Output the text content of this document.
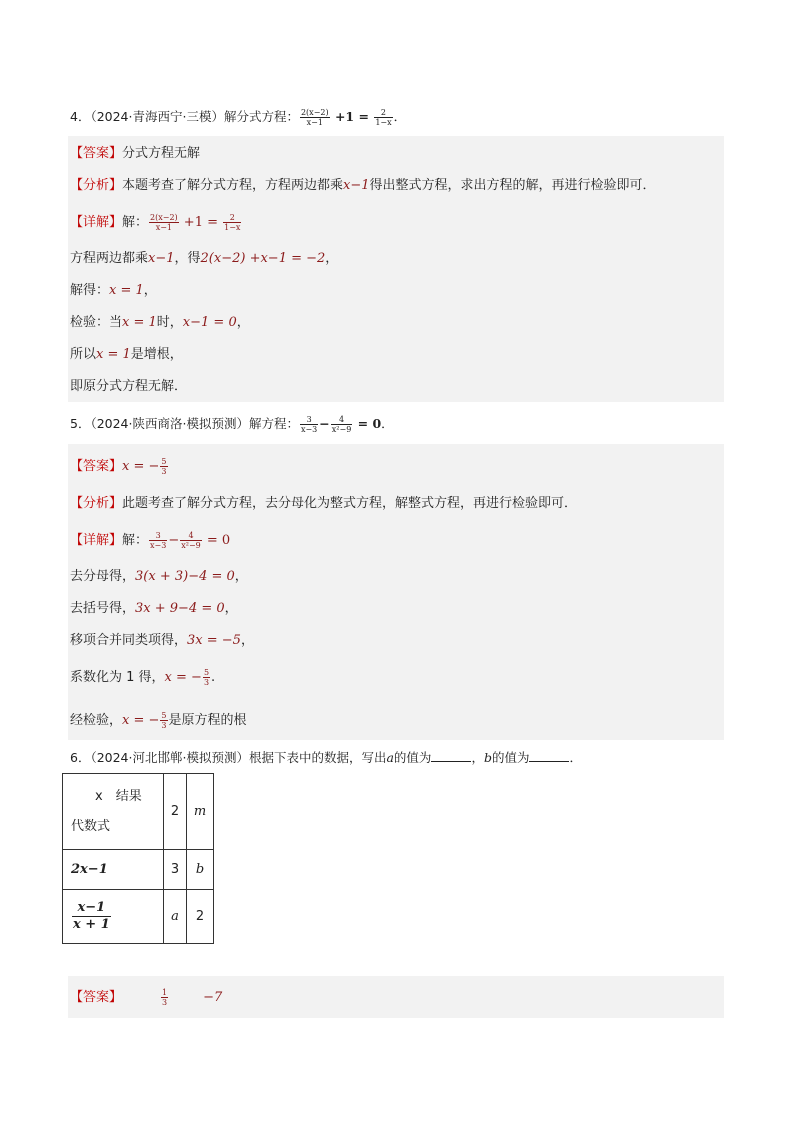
4．（2024·青海西宁·三模）解分式方程： $\frac{2(x-2)}{x-1} +1 = \frac{2}{1-x}$ ．
【答案】分式方程无解
【分析】本题考查了解分式方程，方程两边都乘x−1得出整式方程，求出方程的解，再进行检验即可．
【详解】解： $\frac{2(x-2)}{x-1} +1 = \frac{2}{1-x}$
方程两边都乘x−1，得2(x−2) +x−1 = −2，
解得：x = 1，
检验：当x = 1时，x−1 = 0，
所以x = 1是增根，
即原分式方程无解．
5．（2024·陕西商洛·模拟预测）解方程： $\frac{3}{x-3} - \frac{4}{\text{x²−9}} = 0$．
【答案】x = − $\frac{5}{3}$
【分析】此题考查了解分式方程，去分母化为整式方程，解整式方程，再进行检验即可．
【详解】解： $\frac{3}{x-3} - \frac{4}{\text{x²−9}} = 0$
去分母得，3(x + 3)−4 = 0，
去括号得，3x + 9−4 = 0，
移项合并同类项得，3x = −5，
系数化为 1 得，x = − $\frac{5}{3}$ .
经检验，x = − $\frac{5}{3}$ 是原方程的根
6．（2024·河北邯郸·模拟预测）根据下表中的数据，写出a的值为	，b的值为	．
x　结果
代数式	2	m
2x−1	3	b

$\frac{x-1}{x + 1}$	a	2
【答案】	$\frac{1}{3}$	−7
